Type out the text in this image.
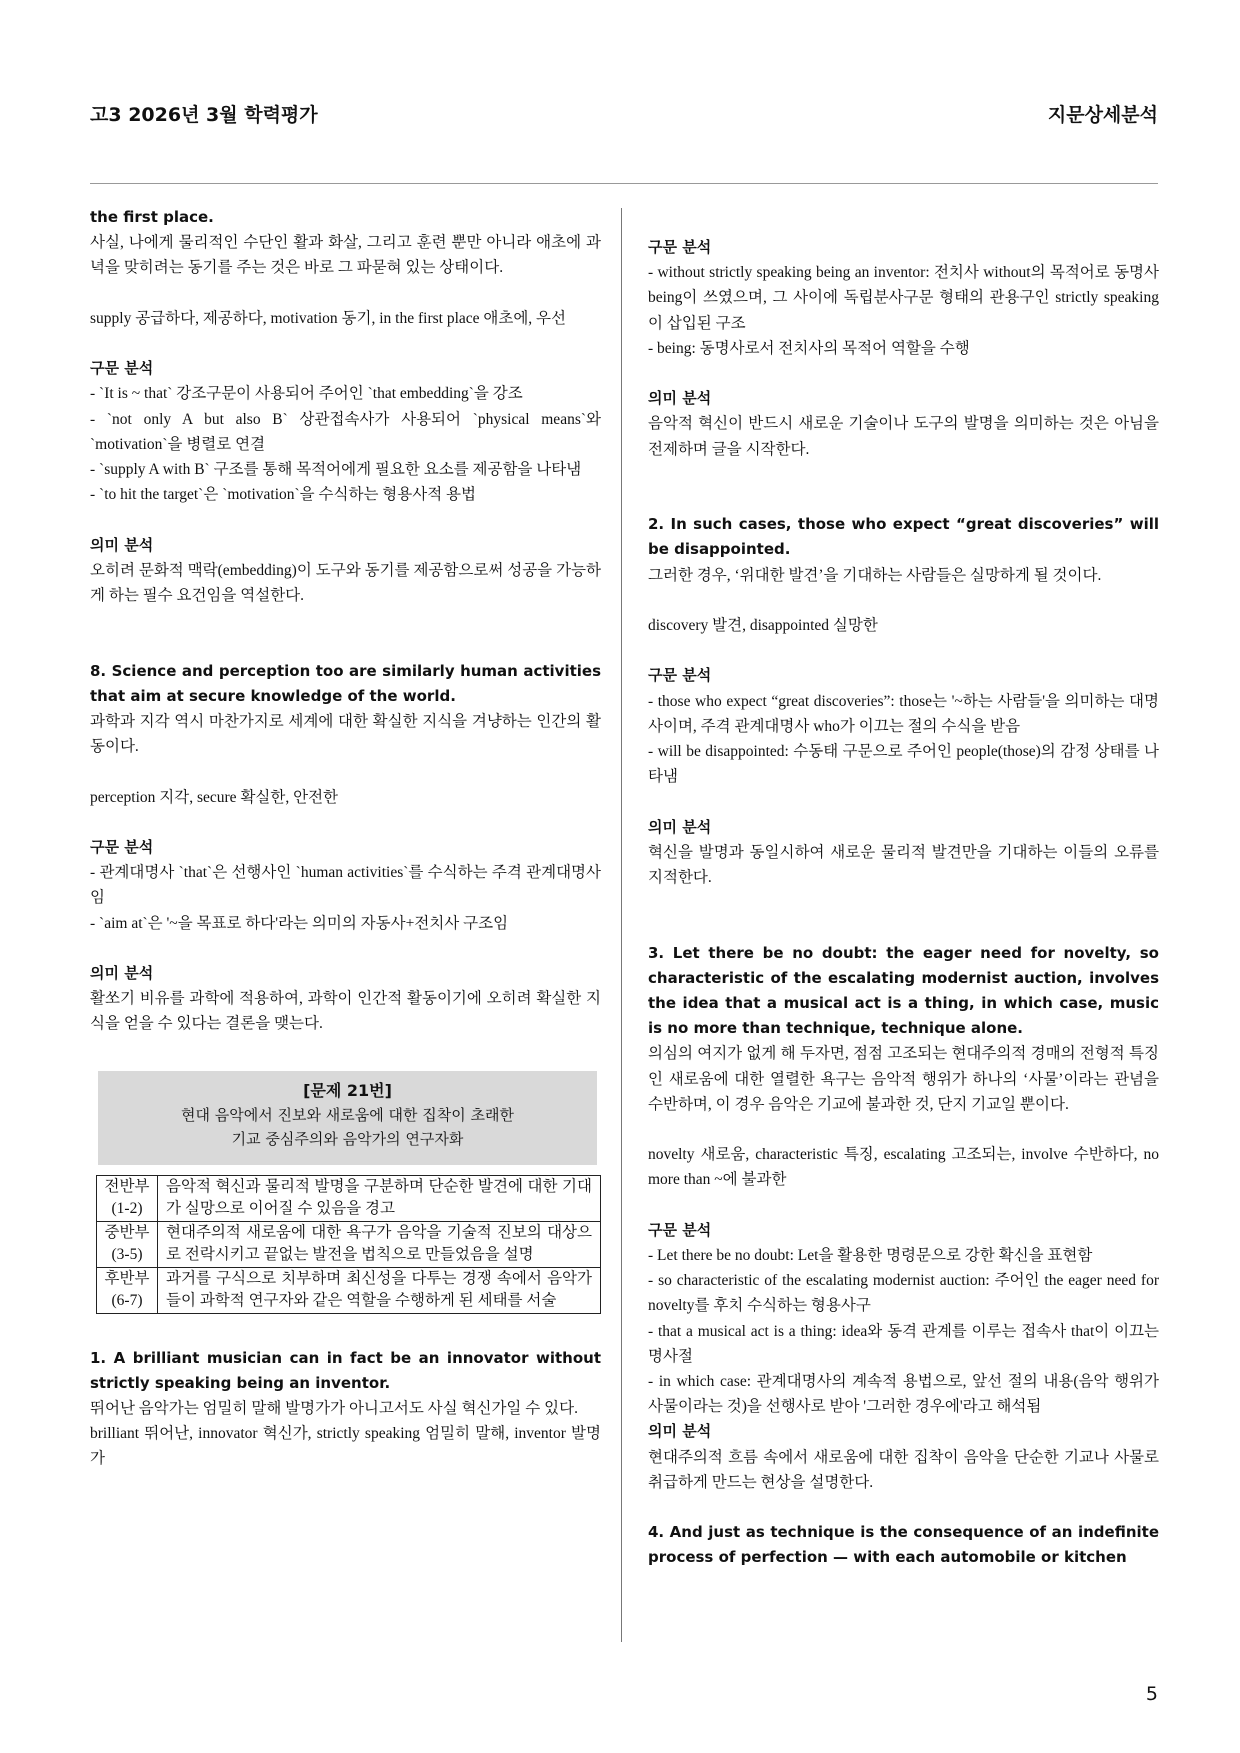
고3 2026년 3월 학력평가	지문상세분석
the first place.
사실, 나에게 물리적인 수단인 활과 화살, 그리고 훈련 뿐만 아니라 애초에 과녁을 맞히려는 동기를 주는 것은 바로 그 파묻혀 있는 상태이다.
supply 공급하다, 제공하다, motivation 동기, in the first place 애초에, 우선
구문 분석
- `It is ~ that` 강조구문이 사용되어 주어인 `that embedding`을 강조
- `not only A but also B` 상관접속사가 사용되어 `physical means`와 `motivation`을 병렬로 연결
- `supply A with B` 구조를 통해 목적어에게 필요한 요소를 제공함을 나타냄
- `to hit the target`은 `motivation`을 수식하는 형용사적 용법
의미 분석
오히려 문화적 맥락(embedding)이 도구와 동기를 제공함으로써 성공을 가능하게 하는 필수 요건임을 역설한다.
8. Science and perception too are similarly human activities that aim at secure knowledge of the world.
과학과 지각 역시 마찬가지로 세계에 대한 확실한 지식을 겨냥하는 인간의 활동이다.
perception 지각, secure 확실한, 안전한
구문 분석
- 관계대명사 `that`은 선행사인 `human activities`를 수식하는 주격 관계대명사임
- `aim at`은 '~을 목표로 하다'라는 의미의 자동사+전치사 구조임
의미 분석
활쏘기 비유를 과학에 적용하여, 과학이 인간적 활동이기에 오히려 확실한 지식을 얻을 수 있다는 결론을 맺는다.
[문제 21번]
현대 음악에서 진보와 새로움에 대한 집착이 초래한
기교 중심주의와 음악가의 연구자화
전반부
(1-2)	음악적 혁신과 물리적 발명을 구분하며 단순한 발견에 대한 기대가 실망으로 이어질 수 있음을 경고

중반부
(3-5)	현대주의적 새로움에 대한 욕구가 음악을 기술적 진보의 대상으로 전락시키고 끝없는 발전을 법칙으로 만들었음을 설명

후반부
(6-7)	과거를 구식으로 치부하며 최신성을 다투는 경쟁 속에서 음악가들이 과학적 연구자와 같은 역할을 수행하게 된 세태를 서술
1. A brilliant musician can in fact be an innovator without strictly speaking being an inventor.
뛰어난 음악가는 엄밀히 말해 발명가가 아니고서도 사실 혁신가일 수 있다.
brilliant 뛰어난, innovator 혁신가, strictly speaking 엄밀히 말해, inventor 발명가
구문 분석
- without strictly speaking being an inventor: 전치사 without의 목적어로 동명사 being이 쓰였으며, 그 사이에 독립분사구문 형태의 관용구인 strictly speaking이 삽입된 구조
- being: 동명사로서 전치사의 목적어 역할을 수행
의미 분석
음악적 혁신이 반드시 새로운 기술이나 도구의 발명을 의미하는 것은 아님을 전제하며 글을 시작한다.
2. In such cases, those who expect “great discoveries” will be disappointed.
그러한 경우, ‘위대한 발견’을 기대하는 사람들은 실망하게 될 것이다.
discovery 발견, disappointed 실망한
구문 분석
- those who expect “great discoveries”: those는 '~하는 사람들'을 의미하는 대명사이며, 주격 관계대명사 who가 이끄는 절의 수식을 받음
- will be disappointed: 수동태 구문으로 주어인 people(those)의 감정 상태를 나타냄
의미 분석
혁신을 발명과 동일시하여 새로운 물리적 발견만을 기대하는 이들의 오류를 지적한다.
3. Let there be no doubt: the eager need for novelty, so characteristic of the escalating modernist auction, involves the idea that a musical act is a thing, in which case, music is no more than technique, technique alone.
의심의 여지가 없게 해 두자면, 점점 고조되는 현대주의적 경매의 전형적 특징인 새로움에 대한 열렬한 욕구는 음악적 행위가 하나의 ‘사물’이라는 관념을 수반하며, 이 경우 음악은 기교에 불과한 것, 단지 기교일 뿐이다.
novelty 새로움, characteristic 특징, escalating 고조되는, involve 수반하다, no more than ~에 불과한
구문 분석
- Let there be no doubt: Let을 활용한 명령문으로 강한 확신을 표현함
- so characteristic of the escalating modernist auction: 주어인 the eager need for novelty를 후치 수식하는 형용사구
- that a musical act is a thing: idea와 동격 관계를 이루는 접속사 that이 이끄는 명사절
- in which case: 관계대명사의 계속적 용법으로, 앞선 절의 내용(음악 행위가 사물이라는 것)을 선행사로 받아 '그러한 경우에'라고 해석됨
의미 분석
현대주의적 흐름 속에서 새로움에 대한 집착이 음악을 단순한 기교나 사물로 취급하게 만드는 현상을 설명한다.
4. And just as technique is the consequence of an indefinite process of perfection — with each automobile or kitchen
5
